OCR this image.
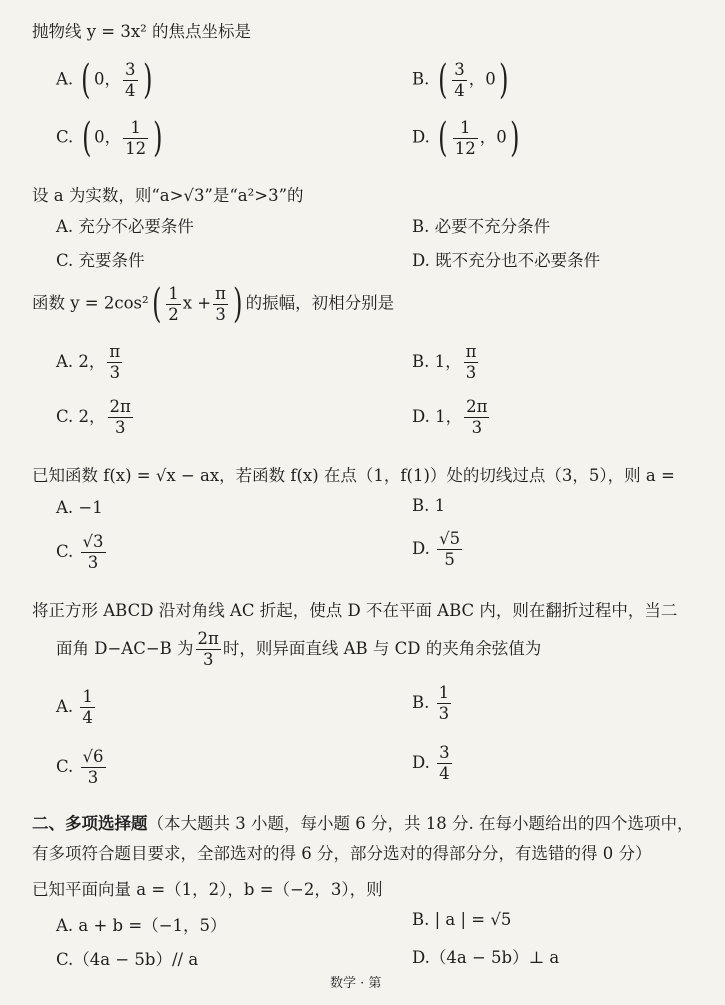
抛物线 y = 3x² 的焦点坐标是
A. ( 0， $\frac{3}{4}$ )	B. ( $\frac{3}{4}$ ，0)
C. ( 0， $\frac{1}{12}$ )	D. ( $\frac{1}{12}$ ，0)
设 a 为实数，则“a>√3”是“a²>3”的
A. 充分不必要条件	B. 必要不充分条件
C. 充要条件	D. 既不充分也不必要条件
函数 $y = 2\cos^2( \frac{1}{2}$ $x + \frac{\pi}{3}$ ) 的振幅，初相分别是
A. 2， $\frac{\pi}{3}$	B. 1， $\frac{\pi}{3}$
C. 2， $\frac{2\pi}{3}$	D. 1， $\frac{2\pi}{3}$
已知函数 f(x) = √x − ax，若函数 f(x) 在点（1，f(1)）处的切线过点（3，5），则 a =
A. −1	B. 1
C. $\frac{√3}{3}$	D. $\frac{√5}{5}$
将正方形 ABCD 沿对角线 AC 折起，使点 D 不在平面 ABC 内，则在翻折过程中，当二
面角 D−AC−B 为 $\frac{2\pi}{3}$ 时，则异面直线 AB 与 CD 的夹角余弦值为
A. $\frac{1}{4}$	B. $\frac{1}{3}$
C. $\frac{√6}{3}$	D. $\frac{3}{4}$
二、多项选择题（本大题共 3 小题，每小题 6 分，共 18 分. 在每小题给出的四个选项中，
有多项符合题目要求，全部选对的得 6 分，部分选对的得部分分，有选错的得 0 分）
已知平面向量 a =（1，2），b =（−2，3），则
A. a + b =（−1，5）	B. | a | = √5
C.（4a − 5b）// a	D.（4a − 5b）⊥ a
数学 · 第
